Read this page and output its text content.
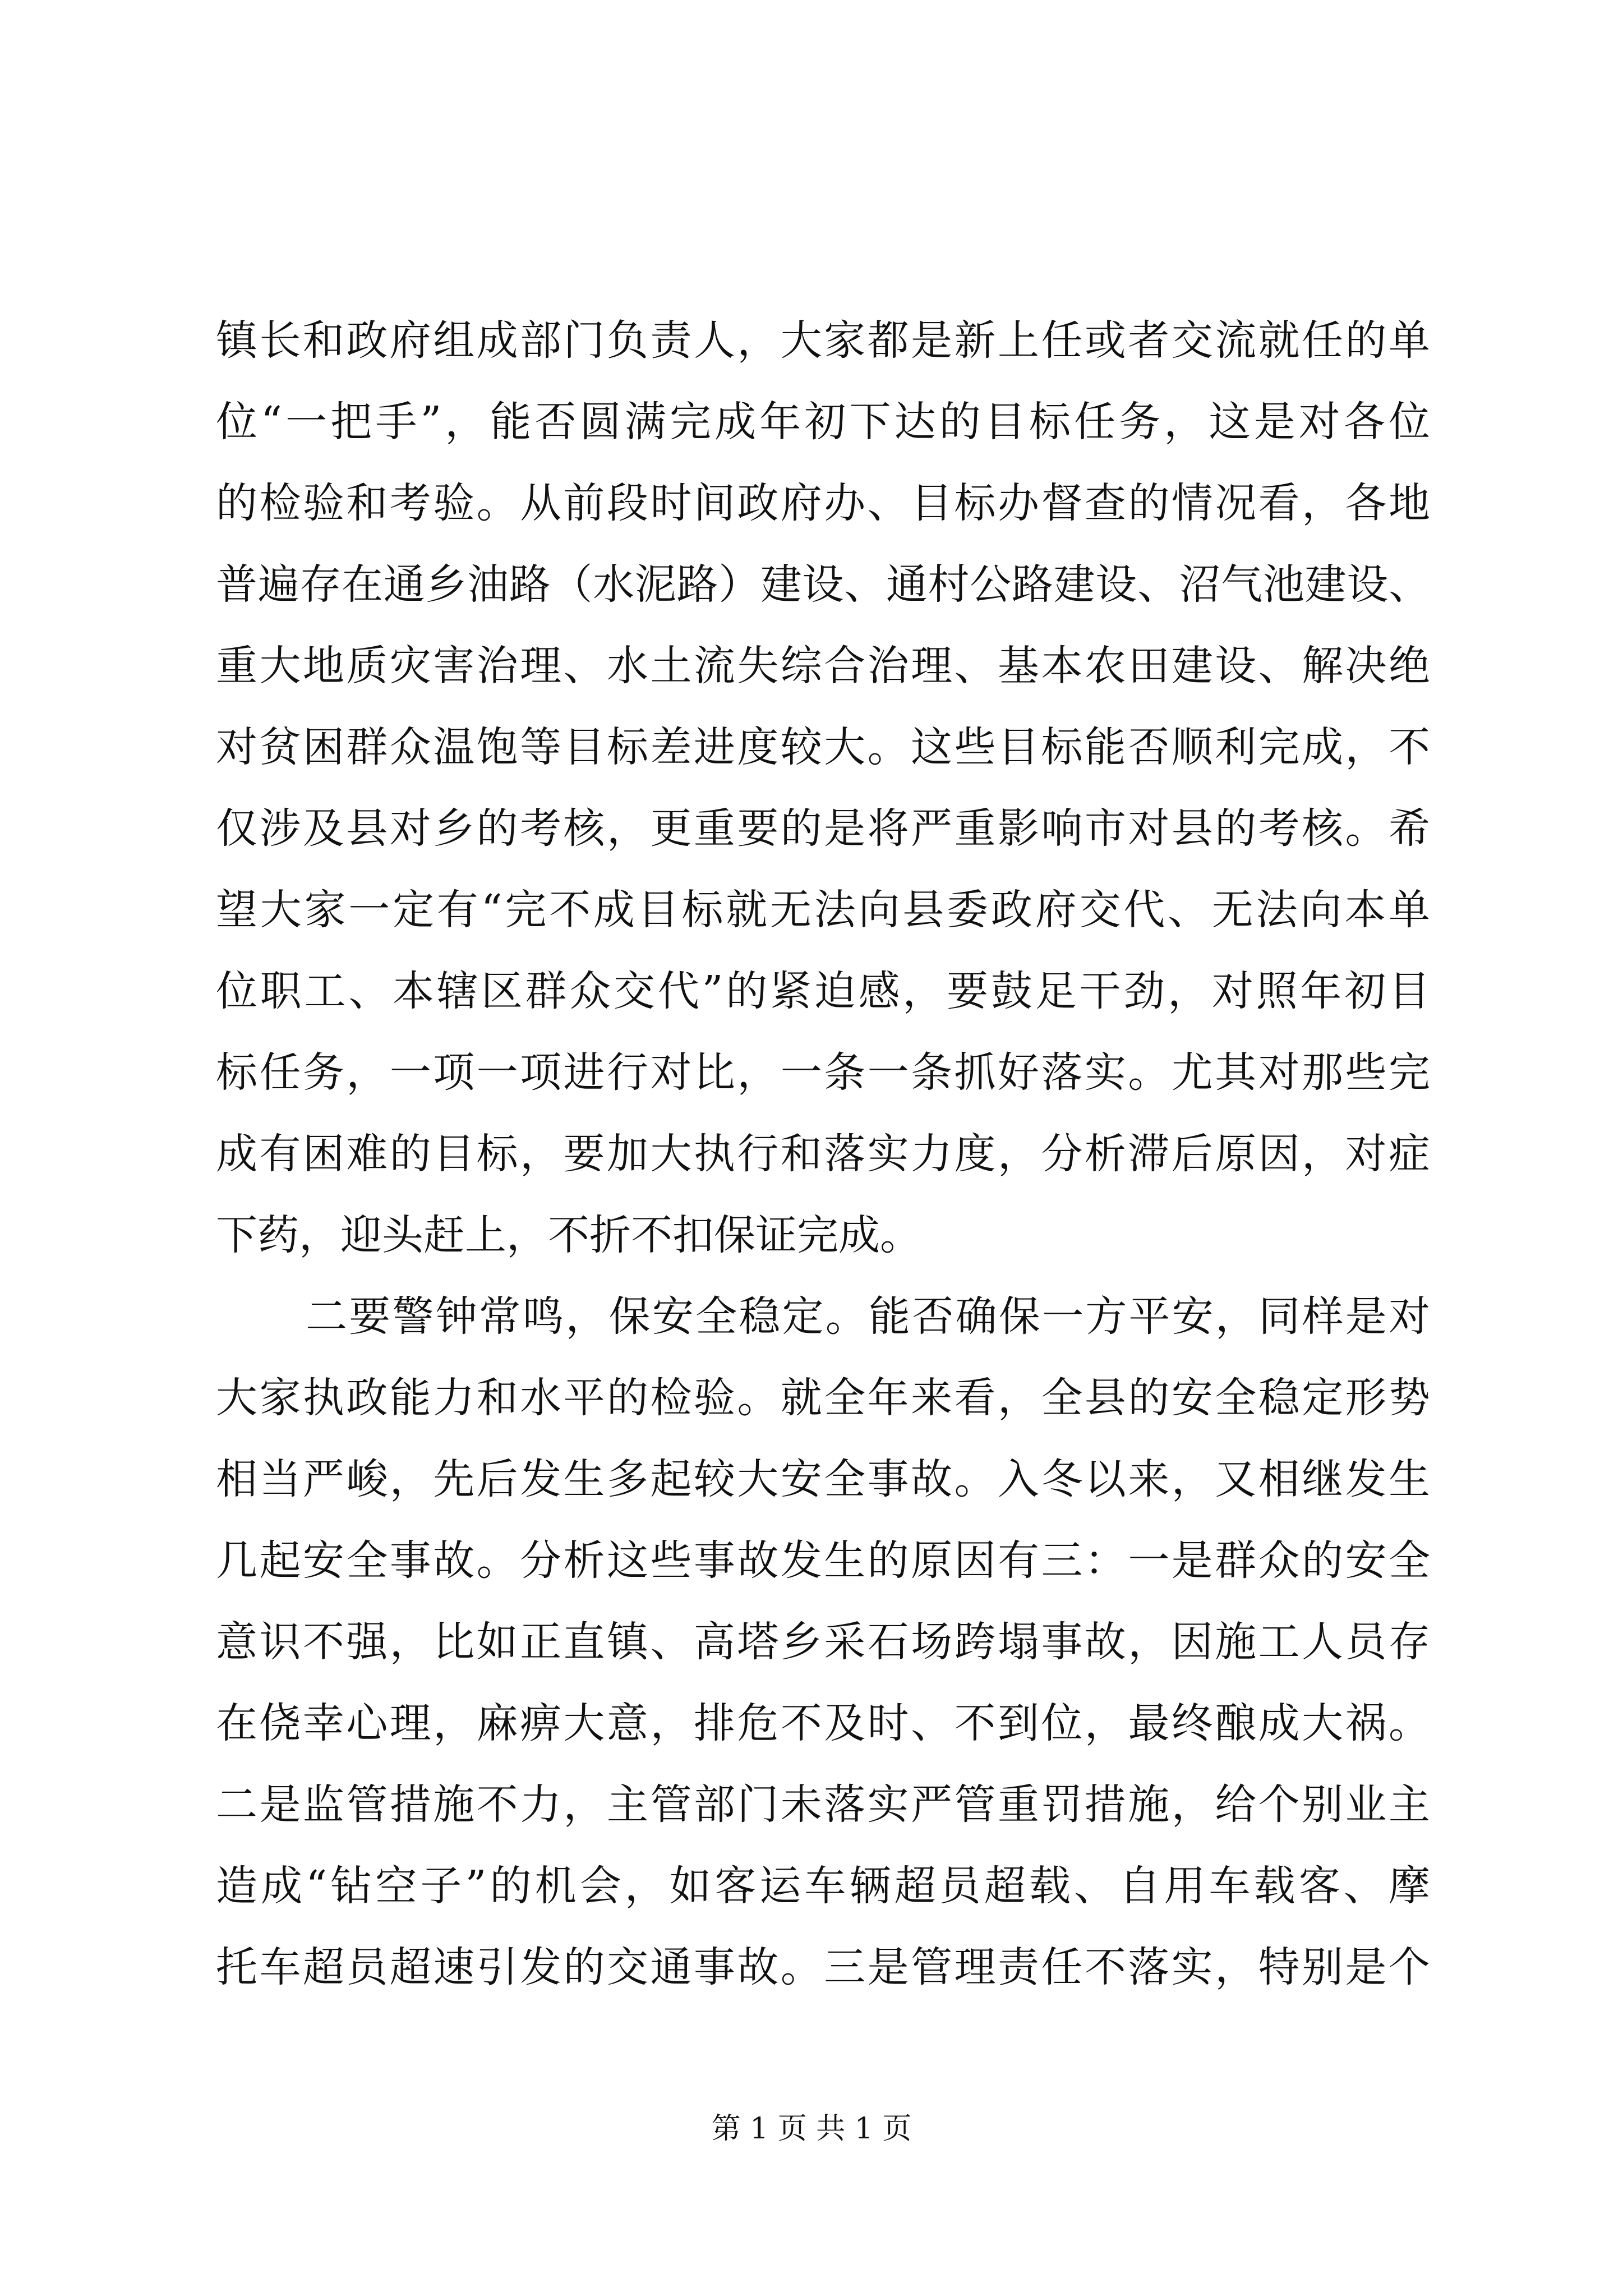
镇长和政府组成部门负责人，大家都是新上任或者交流就任的单
位“一把手”，能否圆满完成年初下达的目标任务，这是对各位
的检验和考验。从前段时间政府办、目标办督查的情况看，各地
普遍存在通乡油路（水泥路）建设、通村公路建设、沼气池建设、
重大地质灾害治理、水土流失综合治理、基本农田建设、解决绝
对贫困群众温饱等目标差进度较大。这些目标能否顺利完成，不
仅涉及县对乡的考核，更重要的是将严重影响市对县的考核。希
望大家一定有“完不成目标就无法向县委政府交代、无法向本单
位职工、本辖区群众交代”的紧迫感，要鼓足干劲，对照年初目
标任务，一项一项进行对比，一条一条抓好落实。尤其对那些完
成有困难的目标，要加大执行和落实力度，分析滞后原因，对症
下药，迎头赶上，不折不扣保证完成。
二要警钟常鸣，保安全稳定。能否确保一方平安，同样是对
大家执政能力和水平的检验。就全年来看，全县的安全稳定形势
相当严峻，先后发生多起较大安全事故。入冬以来，又相继发生
几起安全事故。分析这些事故发生的原因有三：一是群众的安全
意识不强，比如正直镇、高塔乡采石场跨塌事故，因施工人员存
在侥幸心理，麻痹大意，排危不及时、不到位，最终酿成大祸。
二是监管措施不力，主管部门未落实严管重罚措施，给个别业主
造成“钻空子”的机会，如客运车辆超员超载、自用车载客、摩
托车超员超速引发的交通事故。三是管理责任不落实，特别是个
第 1 页 共 1 页
